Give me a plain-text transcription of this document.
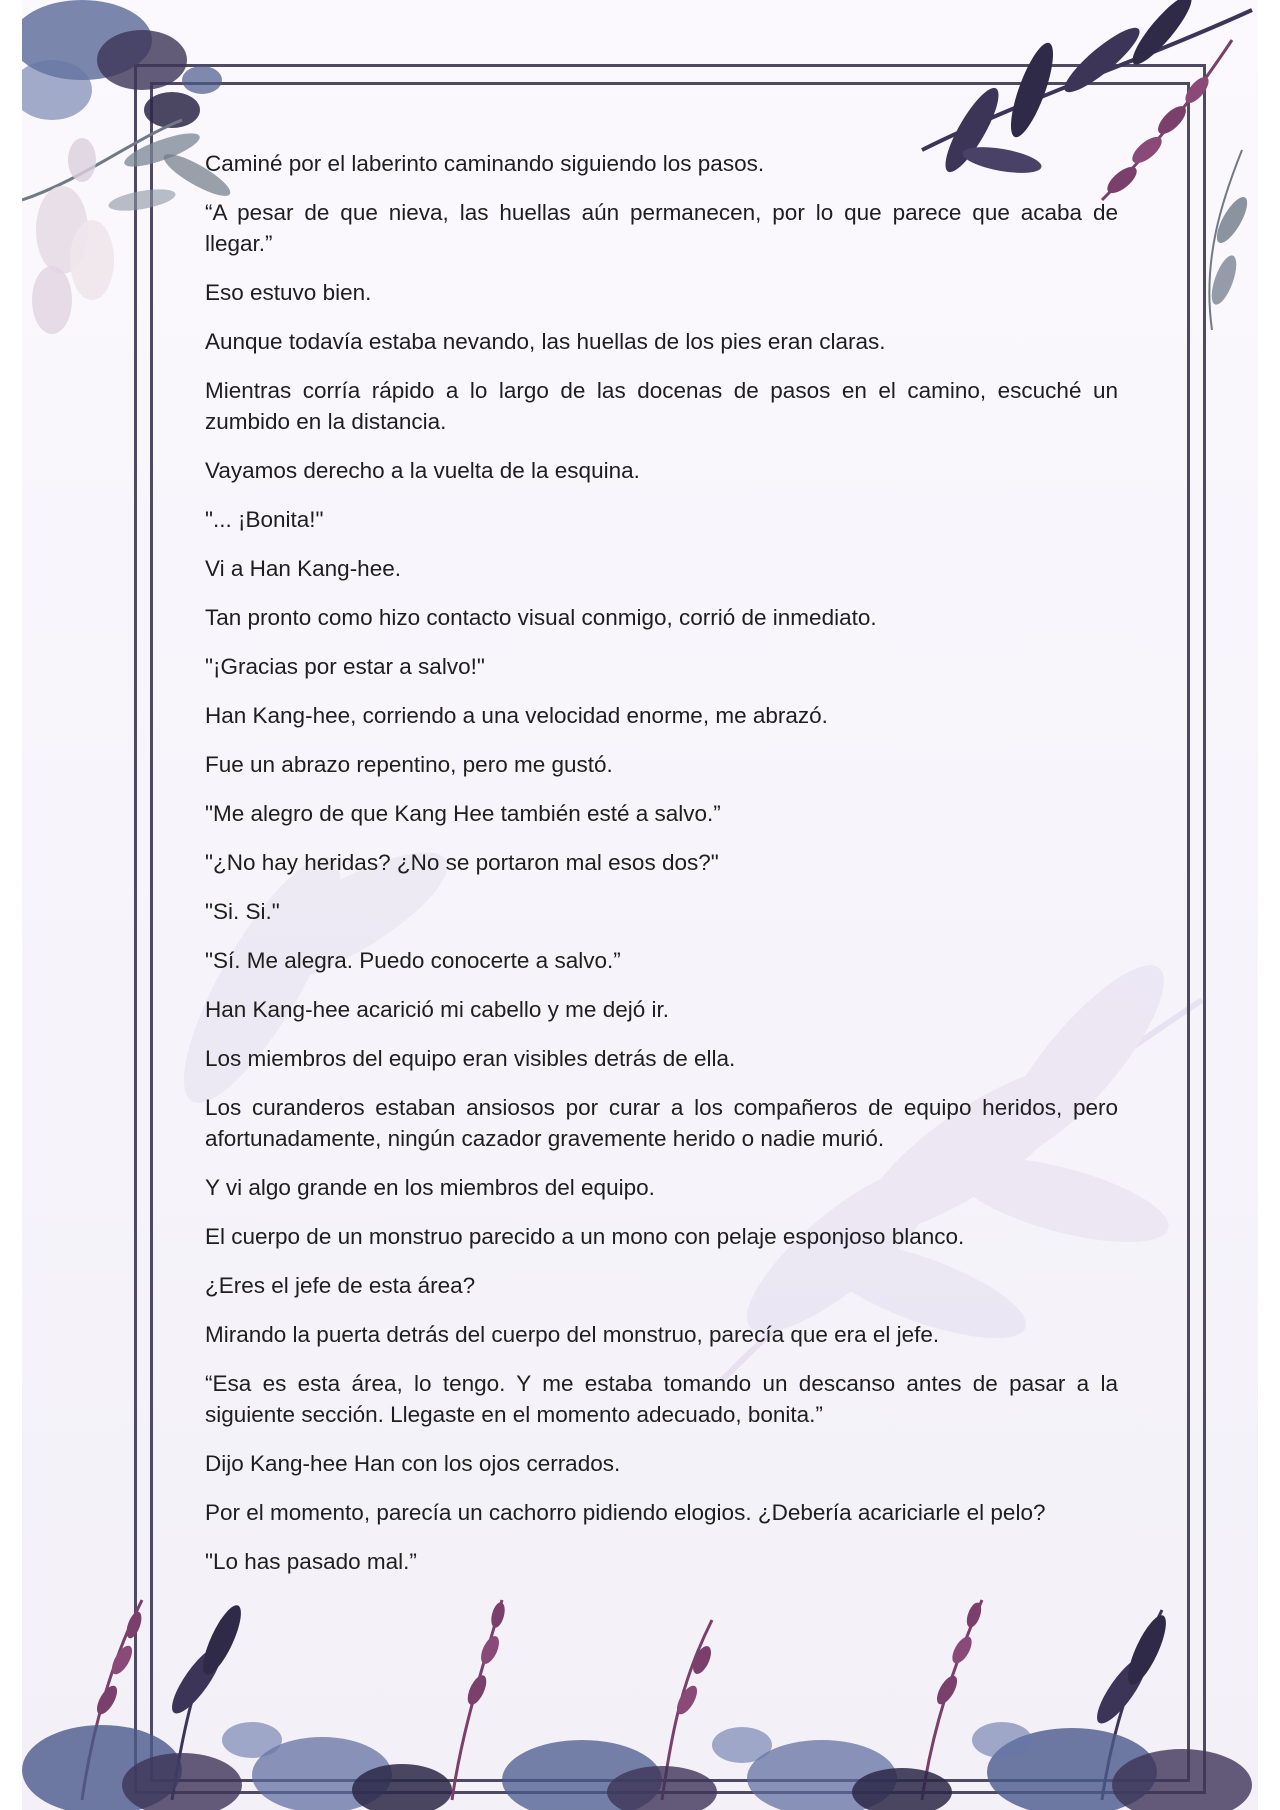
Caminé por el laberinto caminando siguiendo los pasos.

“A pesar de que nieva, las huellas aún permanecen, por lo que parece que acaba de llegar.”

Eso estuvo bien.

Aunque todavía estaba nevando, las huellas de los pies eran claras.

Mientras corría rápido a lo largo de las docenas de pasos en el camino, escuché un zumbido en la distancia.

Vayamos derecho a la vuelta de la esquina.

"... ¡Bonita!"

Vi a Han Kang-hee.

Tan pronto como hizo contacto visual conmigo, corrió de inmediato.

"¡Gracias por estar a salvo!"

Han Kang-hee, corriendo a una velocidad enorme, me abrazó.

Fue un abrazo repentino, pero me gustó.

"Me alegro de que Kang Hee también esté a salvo.”

"¿No hay heridas? ¿No se portaron mal esos dos?"

"Si. Si."

"Sí. Me alegra. Puedo conocerte a salvo.”

Han Kang-hee acarició mi cabello y me dejó ir.

Los miembros del equipo eran visibles detrás de ella.

Los curanderos estaban ansiosos por curar a los compañeros de equipo heridos, pero afortunadamente, ningún cazador gravemente herido o nadie murió.

Y vi algo grande en los miembros del equipo.

El cuerpo de un monstruo parecido a un mono con pelaje esponjoso blanco.

¿Eres el jefe de esta área?

Mirando la puerta detrás del cuerpo del monstruo, parecía que era el jefe.

“Esa es esta área, lo tengo. Y me estaba tomando un descanso antes de pasar a la siguiente sección. Llegaste en el momento adecuado, bonita.”

Dijo Kang-hee Han con los ojos cerrados.

Por el momento, parecía un cachorro pidiendo elogios. ¿Debería acariciarle el pelo?

"Lo has pasado mal.”
